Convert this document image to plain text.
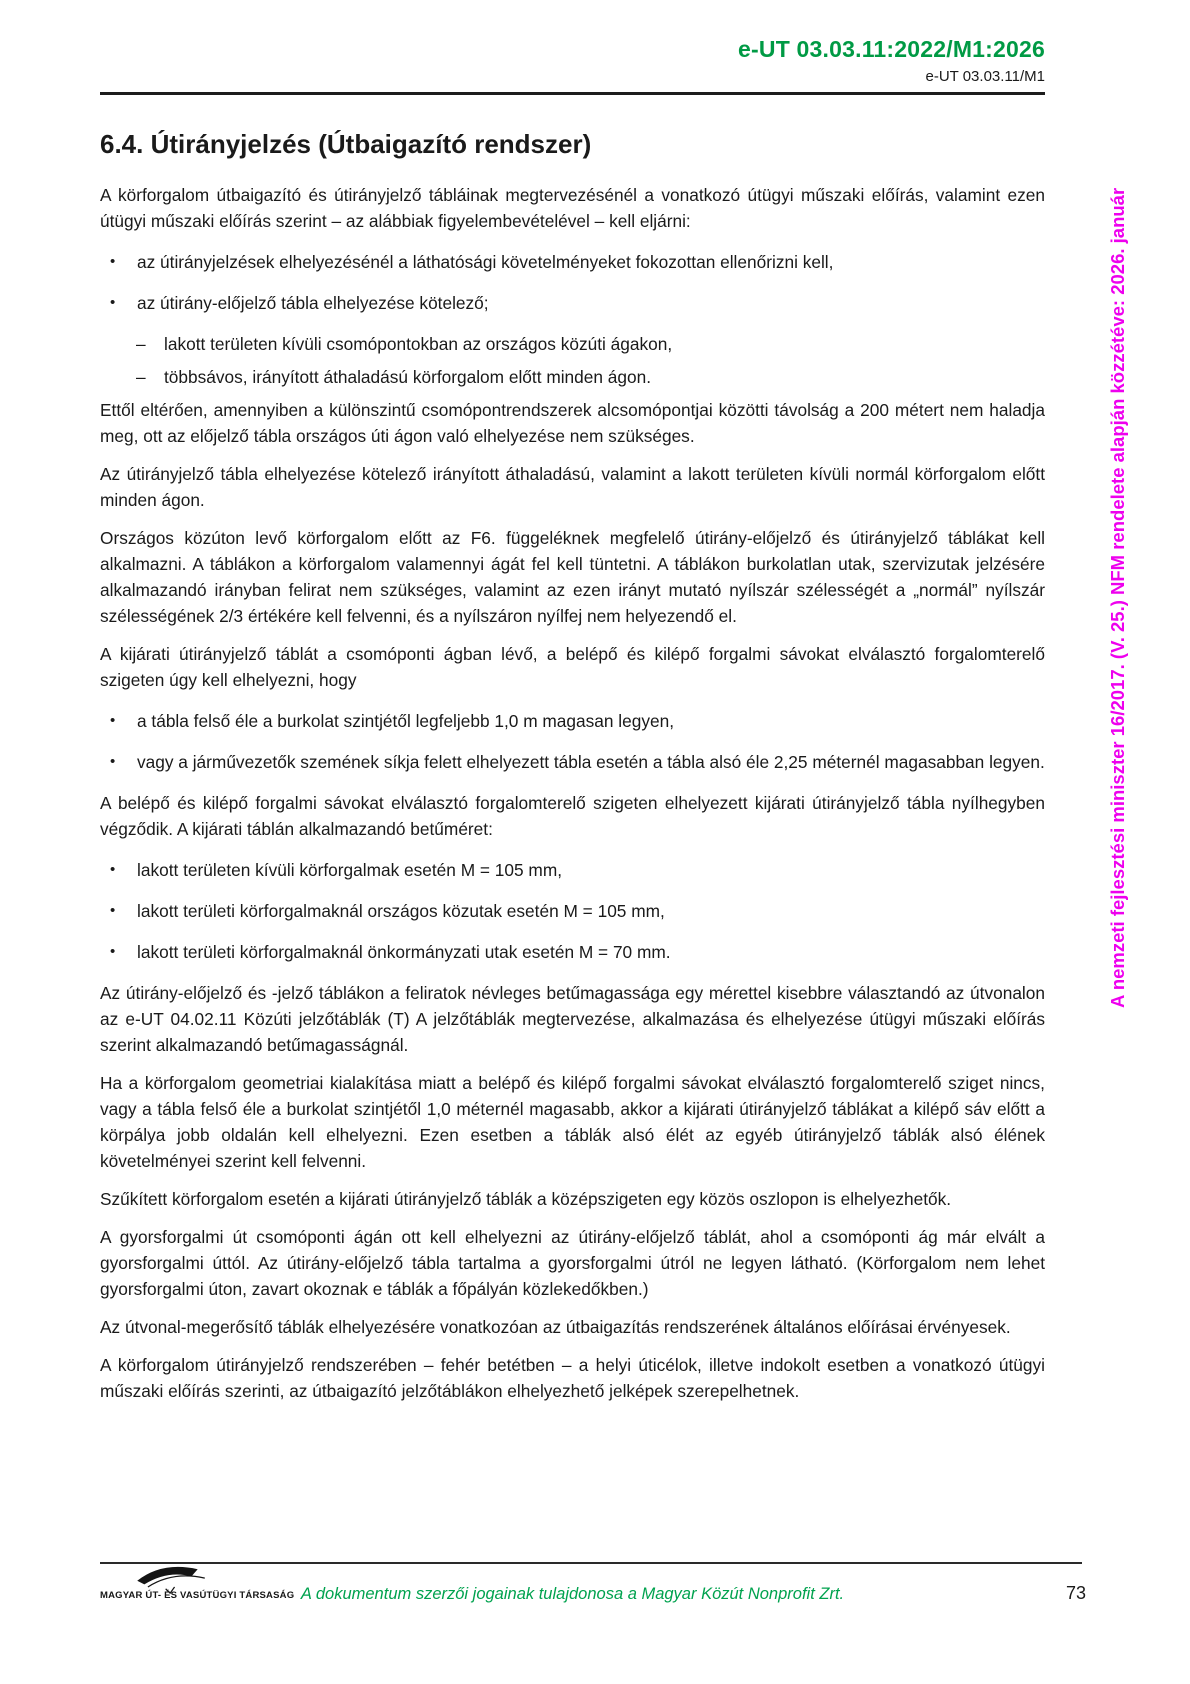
e-UT 03.03.11:2022/M1:2026
e-UT 03.03.11/M1
6.4. Útirányjelzés (Útbaigazító rendszer)
A körforgalom útbaigazító és útirányjelző tábláinak megtervezésénél a vonatkozó útügyi műszaki előírás, valamint ezen útügyi műszaki előírás szerint – az alábbiak figyelembevételével – kell eljárni:
•	az útirányjelzések elhelyezésénél a láthatósági követelményeket fokozottan ellenőrizni kell,
•	az útirány-előjelző tábla elhelyezése kötelező;
–	lakott területen kívüli csomópontokban az országos közúti ágakon,
–	többsávos, irányított áthaladású körforgalom előtt minden ágon.
Ettől eltérően, amennyiben a különszintű csomópontrendszerek alcsomópontjai közötti távolság a 200 métert nem haladja meg, ott az előjelző tábla országos úti ágon való elhelyezése nem szükséges.
Az útirányjelző tábla elhelyezése kötelező irányított áthaladású, valamint a lakott területen kívüli normál körforgalom előtt minden ágon.
Országos közúton levő körforgalom előtt az F6. függeléknek megfelelő útirány-előjelző és útirányjelző táblákat kell alkalmazni. A táblákon a körforgalom valamennyi ágát fel kell tüntetni. A táblákon burkolatlan utak, szervizutak jelzésére alkalmazandó irányban felirat nem szükséges, valamint az ezen irányt mutató nyílszár szélességét a „normál” nyílszár szélességének 2/3 értékére kell felvenni, és a nyílszáron nyílfej nem helyezendő el.
A kijárati útirányjelző táblát a csomóponti ágban lévő, a belépő és kilépő forgalmi sávokat elválasztó forgalomterelő szigeten úgy kell elhelyezni, hogy
•	a tábla felső éle a burkolat szintjétől legfeljebb 1,0 m magasan legyen,
•	vagy a járművezetők szemének síkja felett elhelyezett tábla esetén a tábla alsó éle 2,25 méternél magasabban legyen.
A belépő és kilépő forgalmi sávokat elválasztó forgalomterelő szigeten elhelyezett kijárati útirányjelző tábla nyílhegyben végződik. A kijárati táblán alkalmazandó betűméret:
•	lakott területen kívüli körforgalmak esetén M = 105 mm,
•	lakott területi körforgalmaknál országos közutak esetén M = 105 mm,
•	lakott területi körforgalmaknál önkormányzati utak esetén M = 70 mm.
Az útirány-előjelző és -jelző táblákon a feliratok névleges betűmagassága egy mérettel kisebbre választandó az útvonalon az e-UT 04.02.11 Közúti jelzőtáblák (T) A jelzőtáblák megtervezése, alkalmazása és elhelyezése útügyi műszaki előírás szerint alkalmazandó betűmagasságnál.
Ha a körforgalom geometriai kialakítása miatt a belépő és kilépő forgalmi sávokat elválasztó forgalomterelő sziget nincs, vagy a tábla felső éle a burkolat szintjétől 1,0 méternél magasabb, akkor a kijárati útirányjelző táblákat a kilépő sáv előtt a körpálya jobb oldalán kell elhelyezni. Ezen esetben a táblák alsó élét az egyéb útirányjelző táblák alsó élének követelményei szerint kell felvenni.
Szűkített körforgalom esetén a kijárati útirányjelző táblák a középszigeten egy közös oszlopon is elhelyezhetők.
A gyorsforgalmi út csomóponti ágán ott kell elhelyezni az útirány-előjelző táblát, ahol a csomóponti ág már elvált a gyorsforgalmi úttól. Az útirány-előjelző tábla tartalma a gyorsforgalmi útról ne legyen látható. (Körforgalom nem lehet gyorsforgalmi úton, zavart okoznak e táblák a főpályán közlekedőkben.)
Az útvonal-megerősítő táblák elhelyezésére vonatkozóan az útbaigazítás rendszerének általános előírásai érvényesek.
A körforgalom útirányjelző rendszerében – fehér betétben – a helyi úticélok, illetve indokolt esetben a vonatkozó útügyi műszaki előírás szerinti, az útbaigazító jelzőtáblákon elhelyezhető jelképek szerepelhetnek.
A nemzeti fejlesztési miniszter 16/2017. (V. 25.) NFM rendelete alapján közzétéve: 2026. január
MAGYAR ÚT- ÉS VASÚTÜGYI TÁRSASÁG A dokumentum szerzői jogainak tulajdonosa a Magyar Közút Nonprofit Zrt.	73
